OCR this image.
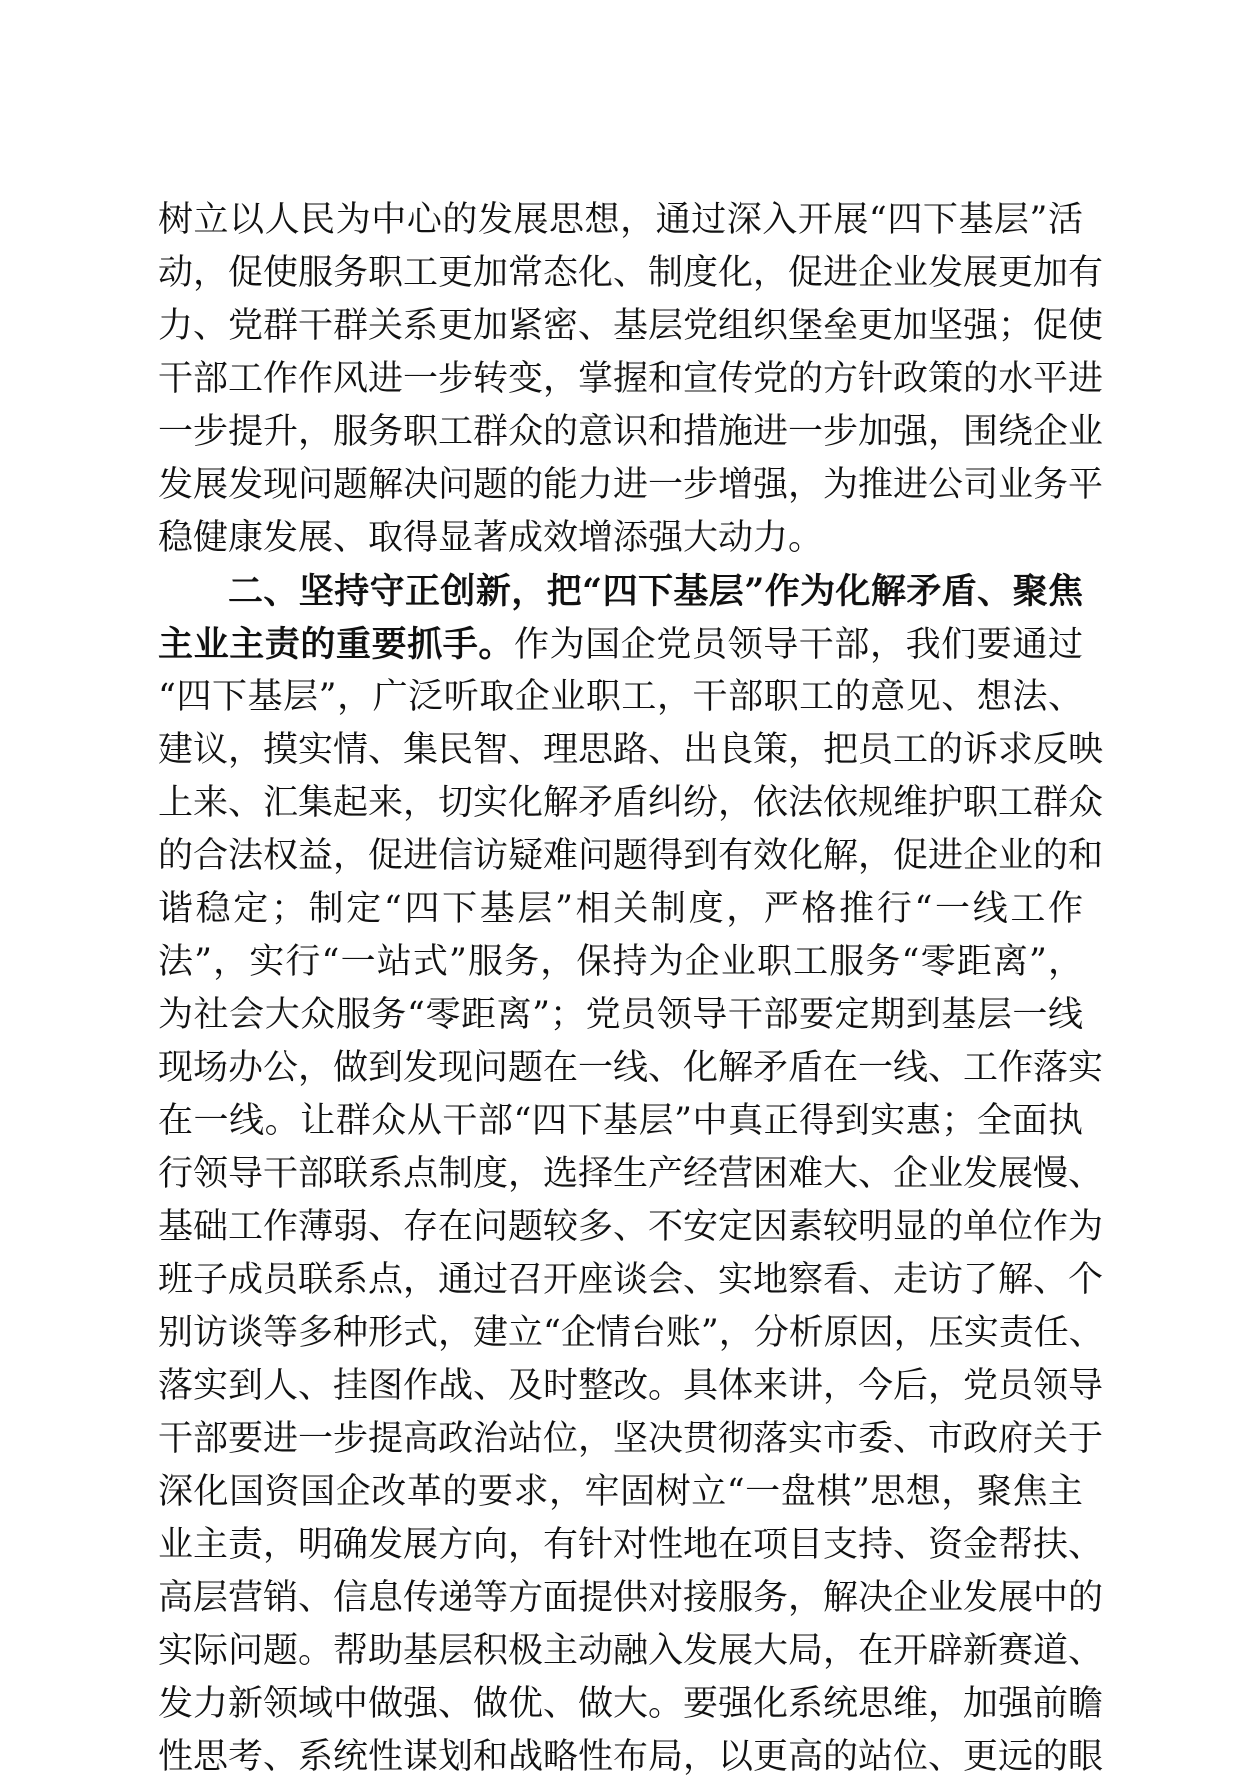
树立以人民为中心的发展思想，通过深入开展“四下基层”活
动，促使服务职工更加常态化、制度化，促进企业发展更加有
力、党群干群关系更加紧密、基层党组织堡垒更加坚强；促使
干部工作作风进一步转变，掌握和宣传党的方针政策的水平进
一步提升，服务职工群众的意识和措施进一步加强，围绕企业
发展发现问题解决问题的能力进一步增强，为推进公司业务平
稳健康发展、取得显著成效增添强大动力。
二、坚持守正创新，把“四下基层”作为化解矛盾、聚焦
主业主责的重要抓手。作为国企党员领导干部，我们要通过
“四下基层”，广泛听取企业职工，干部职工的意见、想法、
建议，摸实情、集民智、理思路、出良策，把员工的诉求反映
上来、汇集起来，切实化解矛盾纠纷，依法依规维护职工群众
的合法权益，促进信访疑难问题得到有效化解，促进企业的和
谐稳定；制定“四下基层”相关制度，严格推行“一线工作
法”，实行“一站式”服务，保持为企业职工服务“零距离”，
为社会大众服务“零距离”；党员领导干部要定期到基层一线
现场办公，做到发现问题在一线、化解矛盾在一线、工作落实
在一线。让群众从干部“四下基层”中真正得到实惠；全面执
行领导干部联系点制度，选择生产经营困难大、企业发展慢、
基础工作薄弱、存在问题较多、不安定因素较明显的单位作为
班子成员联系点，通过召开座谈会、实地察看、走访了解、个
别访谈等多种形式，建立“企情台账”，分析原因，压实责任、
落实到人、挂图作战、及时整改。具体来讲，今后，党员领导
干部要进一步提高政治站位，坚决贯彻落实市委、市政府关于
深化国资国企改革的要求，牢固树立“一盘棋”思想，聚焦主
业主责，明确发展方向，有针对性地在项目支持、资金帮扶、
高层营销、信息传递等方面提供对接服务，解决企业发展中的
实际问题。帮助基层积极主动融入发展大局，在开辟新赛道、
发力新领域中做强、做优、做大。要强化系统思维，加强前瞻
性思考、系统性谋划和战略性布局，以更高的站位、更远的眼
